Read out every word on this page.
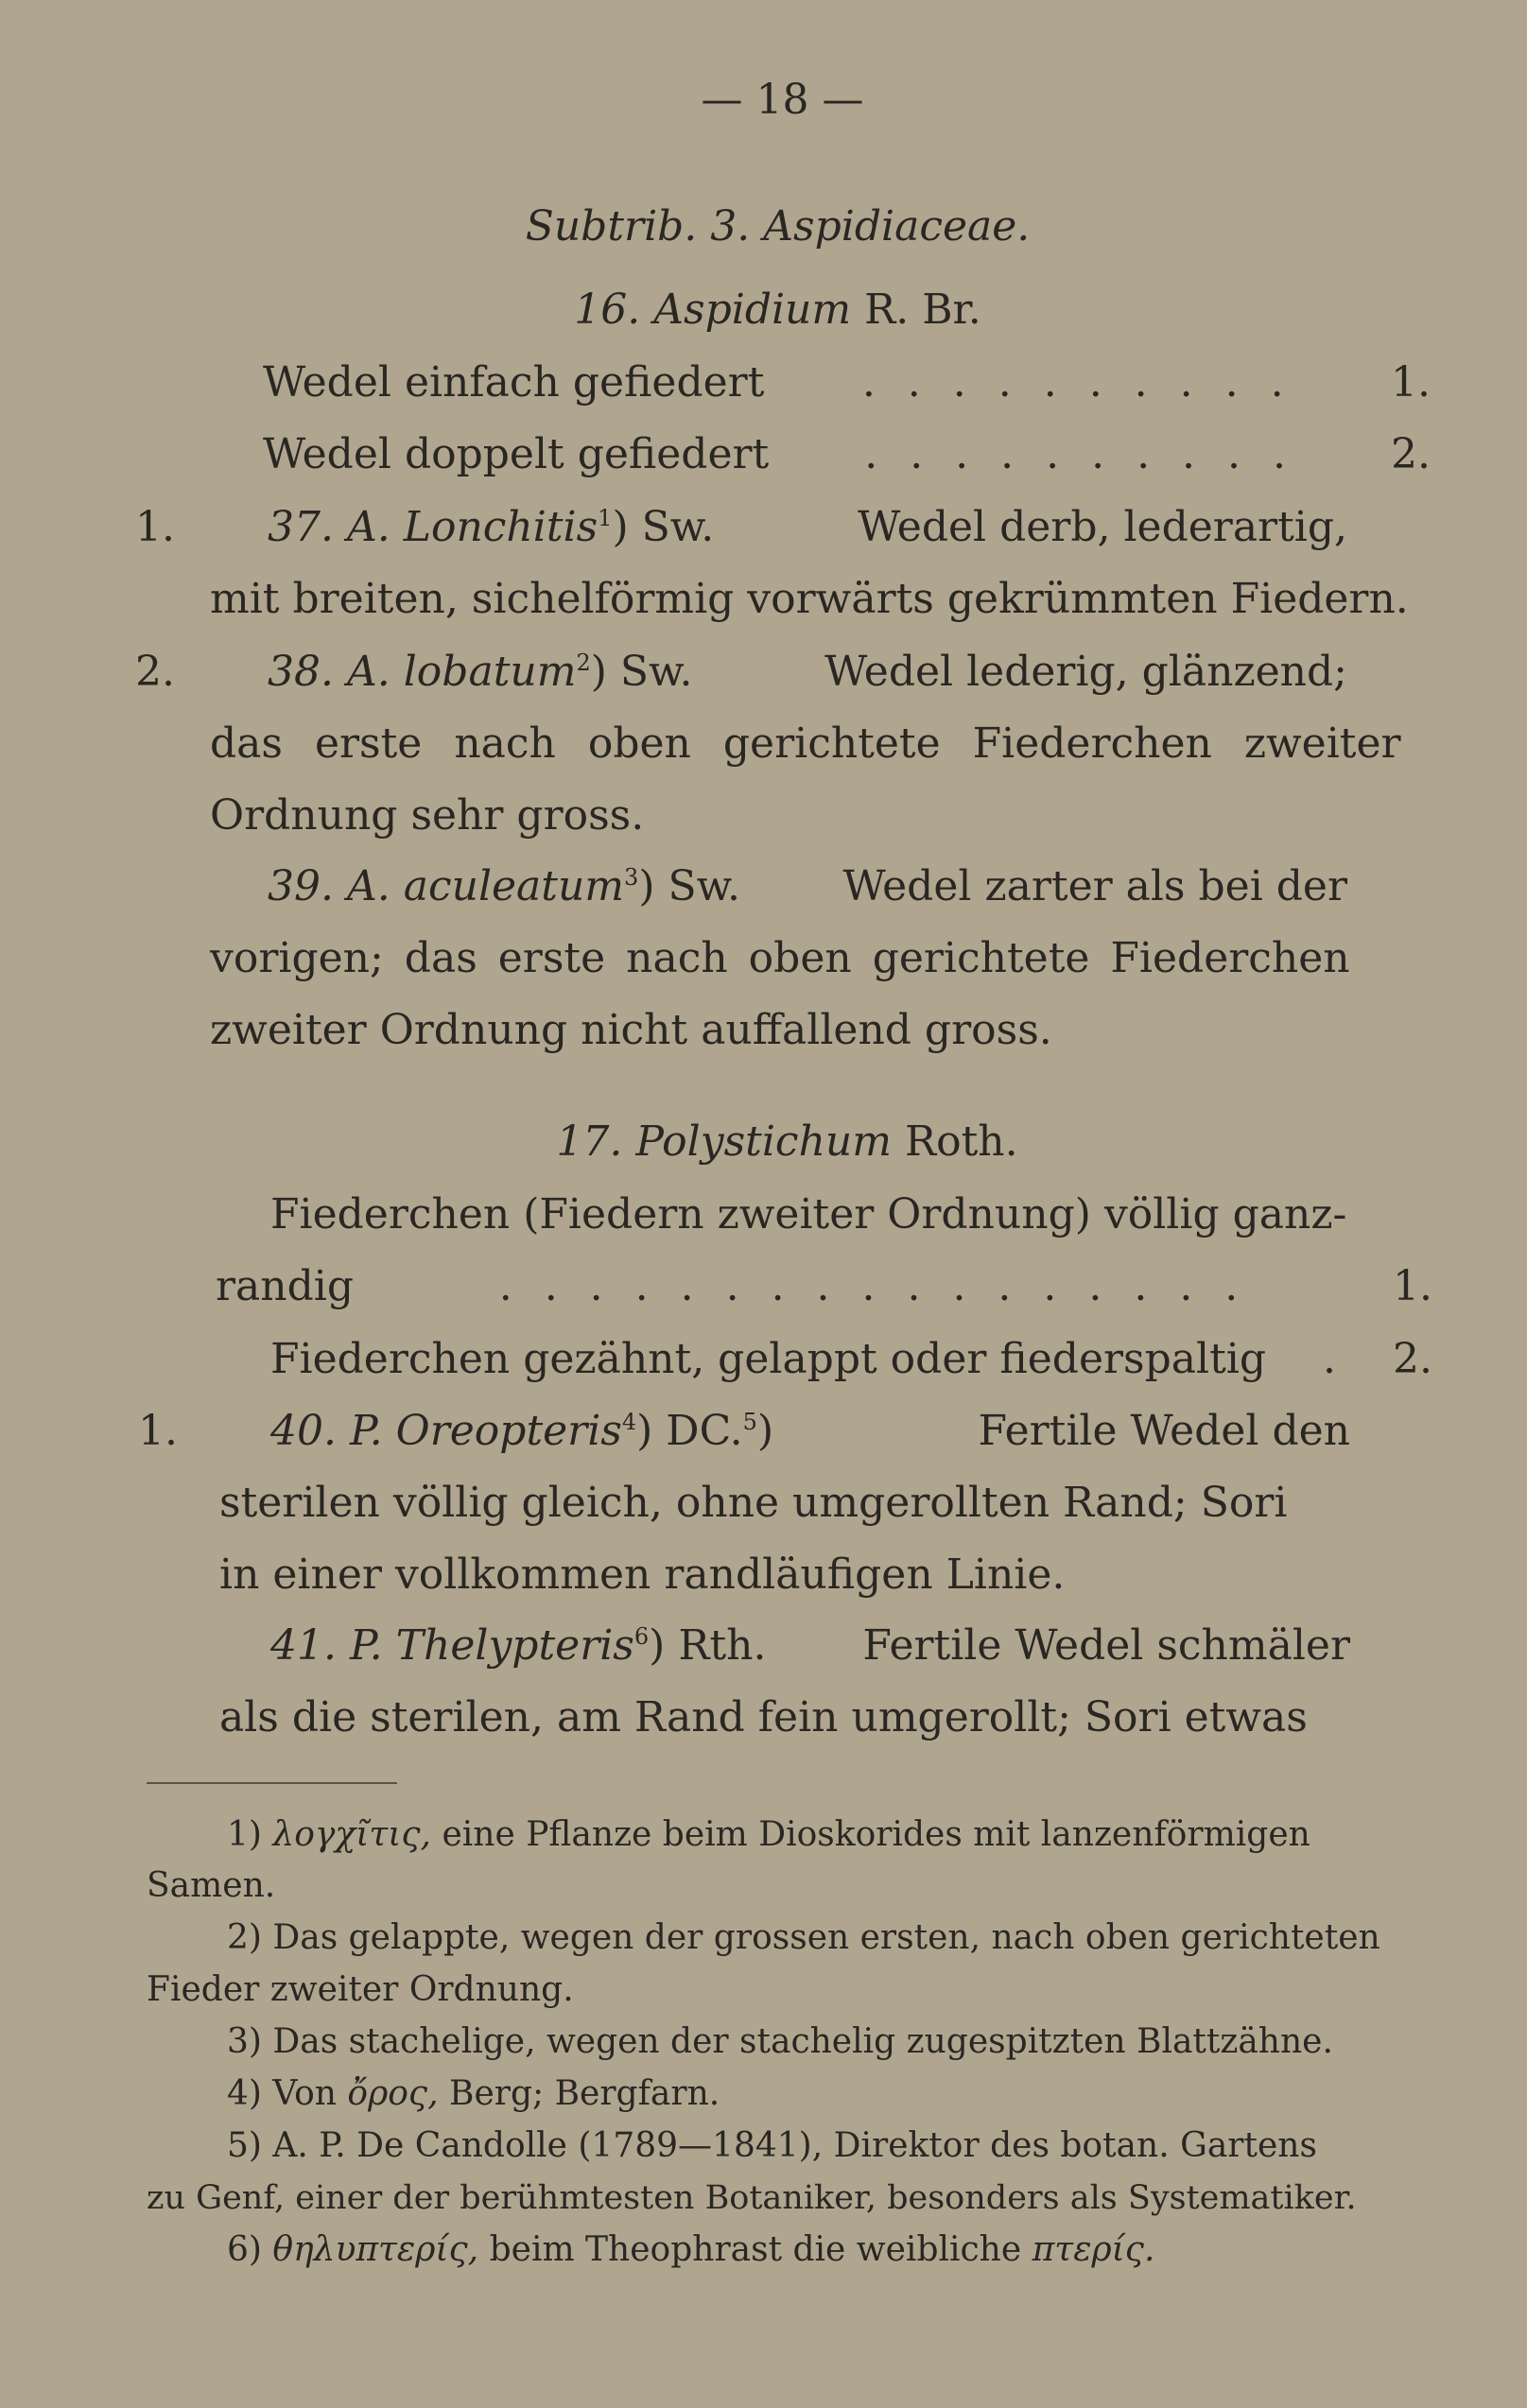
— 18 —
Subtrib. 3. Aspidiaceae.
16. Aspidium R. Br.
Wedel einfach gefiedert . . . . . . . . . . 1.
Wedel doppelt gefiedert . . . . . . . . . . 2.
1. 37. A. Lonchitis$^1$) Sw.	Wedel derb, lederartig,
mit breiten, sichelförmig vorwärts gekrümmten Fiedern.
2. 38. A. lobatum$^2$) Sw.	Wedel lederig, glänzend;
das erste nach oben gerichtete Fiederchen zweiter
Ordnung sehr gross.
39. A. aculeatum$^3$) Sw. Wedel zarter als bei der
vorigen; das erste nach oben gerichtete Fiederchen
zweiter Ordnung nicht auffallend gross.
17. Polystichum Roth.
Fiederchen (Fiedern zweiter Ordnung) völlig ganz-
randig	. . . . . . . . . . . . . . . . .	1.
Fiederchen gezähnt, gelappt oder fiederspaltig . 2.
1. 40. P. Oreopteris$^4$) DC.$^5$)	Fertile Wedel den
sterilen völlig gleich, ohne umgerollten Rand; Sori
in einer vollkommen randläufigen Linie.
41. P. Thelypteris$^6$) Rth. Fertile Wedel schmäler
als die sterilen, am Rand fein umgerollt; Sori etwas
1) λογχῖτις, eine Pflanze beim Dioskorides mit lanzenförmigen
Samen.
2) Das gelappte, wegen der grossen ersten, nach oben gerichteten
Fieder zweiter Ordnung.
3) Das stachelige, wegen der stachelig zugespitzten Blattzähne.
4) Von ὄρος, Berg; Bergfarn.
5) A. P. De Candolle (1789—1841), Direktor des botan. Gartens
zu Genf, einer der berühmtesten Botaniker, besonders als Systematiker.
6) θηλυπτερίς, beim Theophrast die weibliche πτερίς.
